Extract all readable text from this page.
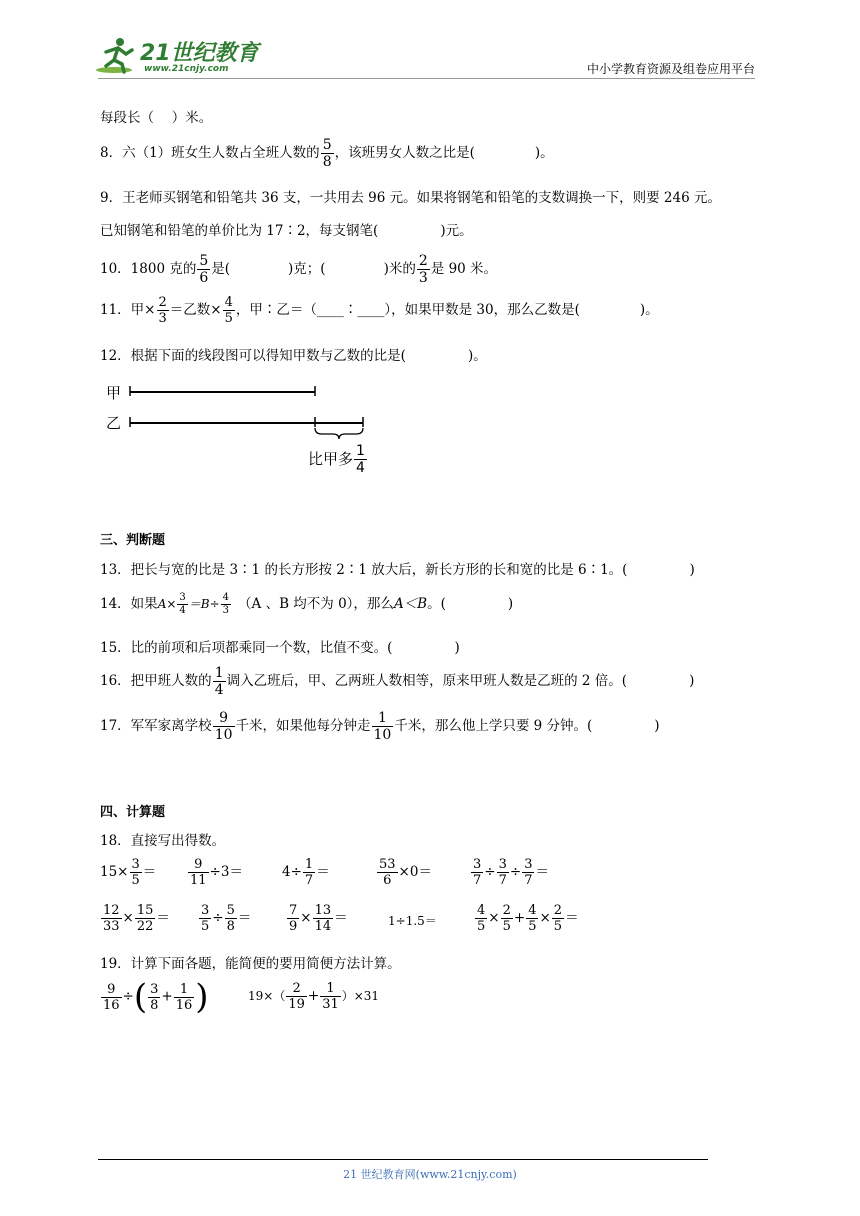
21世纪教育
www.21cnjy.com	中小学教育资源及组卷应用平台
每段长（　 ）米。
8．六（1）班女生人数占全班人数的 $\frac{5}{8}$ ，该班男女人数之比是(	)。
9．王老师买钢笔和铅笔共 36 支，一共用去 96 元。如果将钢笔和铅笔的支数调换一下，则要 246 元。
已知钢笔和铅笔的单价比为 17∶2，每支钢笔(	)元。
10．1800 克的 $\frac{5}{6}$ 是(	)克；(	)米的 $\frac{2}{3}$ 是 90 米。
11．甲× $\frac{2}{3}$ ＝乙数× $\frac{4}{5}$ ，甲∶乙＝（____∶____），如果甲数是 30，那么乙数是(	)。
12．根据下面的线段图可以得知甲数与乙数的比是(	)。
甲
乙
比甲多 $\frac{1}{4}$
三、判断题
13．把长与宽的比是 3∶1 的长方形按 2∶1 放大后，新长方形的长和宽的比是 6∶1。(	)
14．如果$A\times \frac{3}{4} =B\div \frac{4}{3} (A$ 、B 均不为 0），那么A＜B。(	)
15．比的前项和后项都乘同一个数，比值不变。(	)
16．把甲班人数的 $\frac{1}{4}$ 调入乙班后，甲、乙两班人数相等，原来甲班人数是乙班的 2 倍。(	)
17．军军家离学校 $\frac{9}{10}$ 千米，如果他每分钟走 $\frac{1}{10}$ 千米，那么他上学只要 9 分钟。(	)
四、计算题
18．直接写出得数。
$15\times \frac{3}{5} = \frac{9}{11} \div 3=$	$4\div \frac{1}{7}$ ＝	$\frac{53}{6} \times 0=$	$\frac{3}{7} \div \frac{3}{7} \div \frac{3}{7}$ ＝
$\frac{12}{33} \times \frac{15}{22} = \frac{3}{5} \div \frac{5}{8}$ ＝	$\frac{7}{9} \times \frac{13}{14}$ ＝	1÷1.5＝	$\frac{4}{5} \times \frac{2}{5} + \frac{4}{5} \times \frac{2}{5}$ ＝
19．计算下面各题，能简便的要用简便方法计算。
$\frac{9}{16}$ ÷( $\frac{3}{8} + \frac{1}{16}$ )	$19\times( \frac{2}{19} + \frac{1}{31} )\times 31$
21 世纪教育网(www.21cnjy.com)
